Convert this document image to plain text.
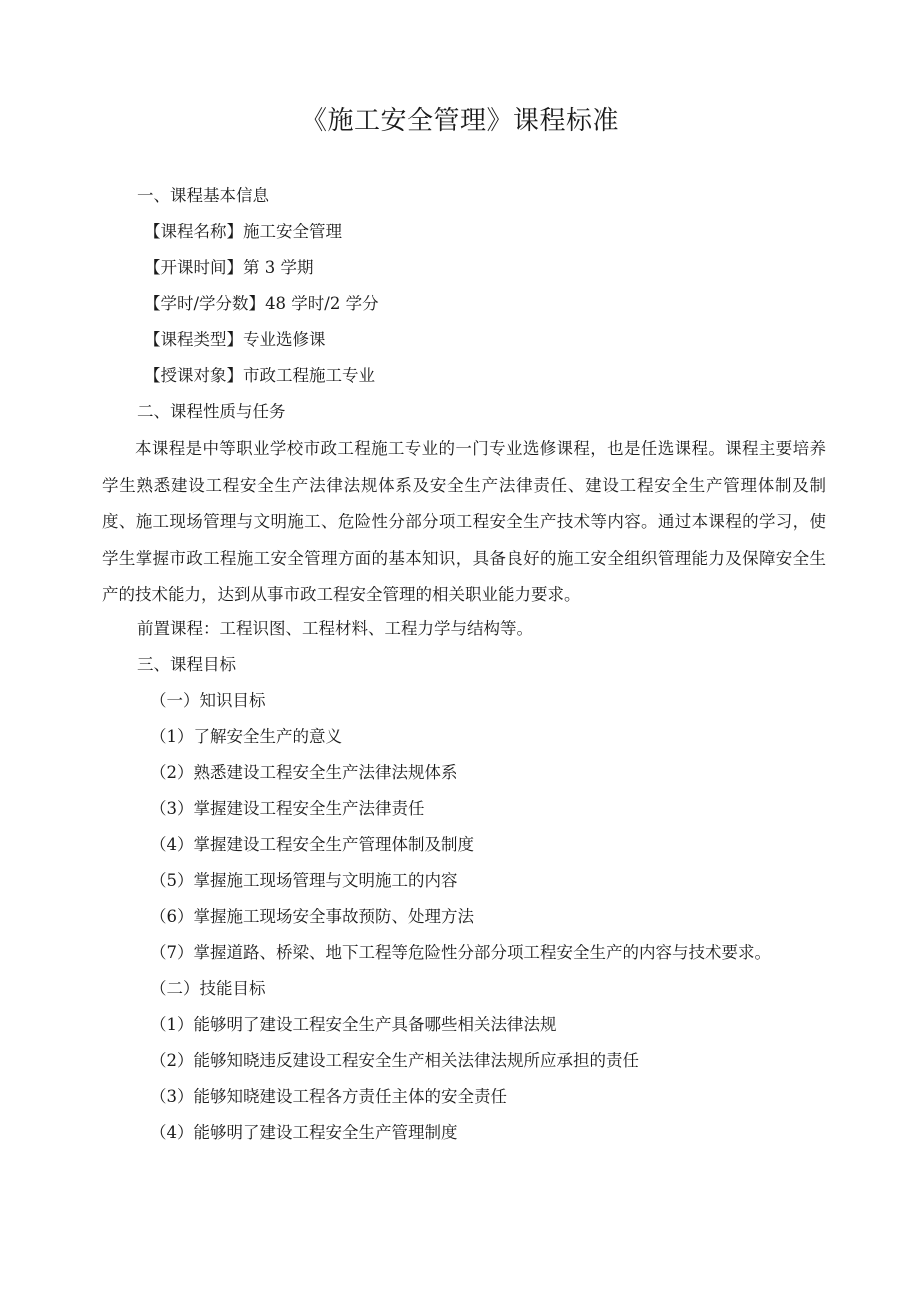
《施工安全管理》课程标准

一、课程基本信息

【课程名称】施工安全管理

【开课时间】第 3 学期

【学时/学分数】48 学时/2 学分

【课程类型】专业选修课

【授课对象】市政工程施工专业

二、课程性质与任务

本课程是中等职业学校市政工程施工专业的一门专业选修课程，也是任选课程。课程主要培养学生熟悉建设工程安全生产法律法规体系及安全生产法律责任、建设工程安全生产管理体制及制度、施工现场管理与文明施工、危险性分部分项工程安全生产技术等内容。通过本课程的学习，使学生掌握市政工程施工安全管理方面的基本知识，具备良好的施工安全组织管理能力及保障安全生产的技术能力，达到从事市政工程安全管理的相关职业能力要求。

前置课程：工程识图、工程材料、工程力学与结构等。

三、课程目标

（一）知识目标

（1）了解安全生产的意义

（2）熟悉建设工程安全生产法律法规体系

（3）掌握建设工程安全生产法律责任

（4）掌握建设工程安全生产管理体制及制度

（5）掌握施工现场管理与文明施工的内容

（6）掌握施工现场安全事故预防、处理方法

（7）掌握道路、桥梁、地下工程等危险性分部分项工程安全生产的内容与技术要求。

（二）技能目标

（1）能够明了建设工程安全生产具备哪些相关法律法规

（2）能够知晓违反建设工程安全生产相关法律法规所应承担的责任

（3）能够知晓建设工程各方责任主体的安全责任

（4）能够明了建设工程安全生产管理制度
